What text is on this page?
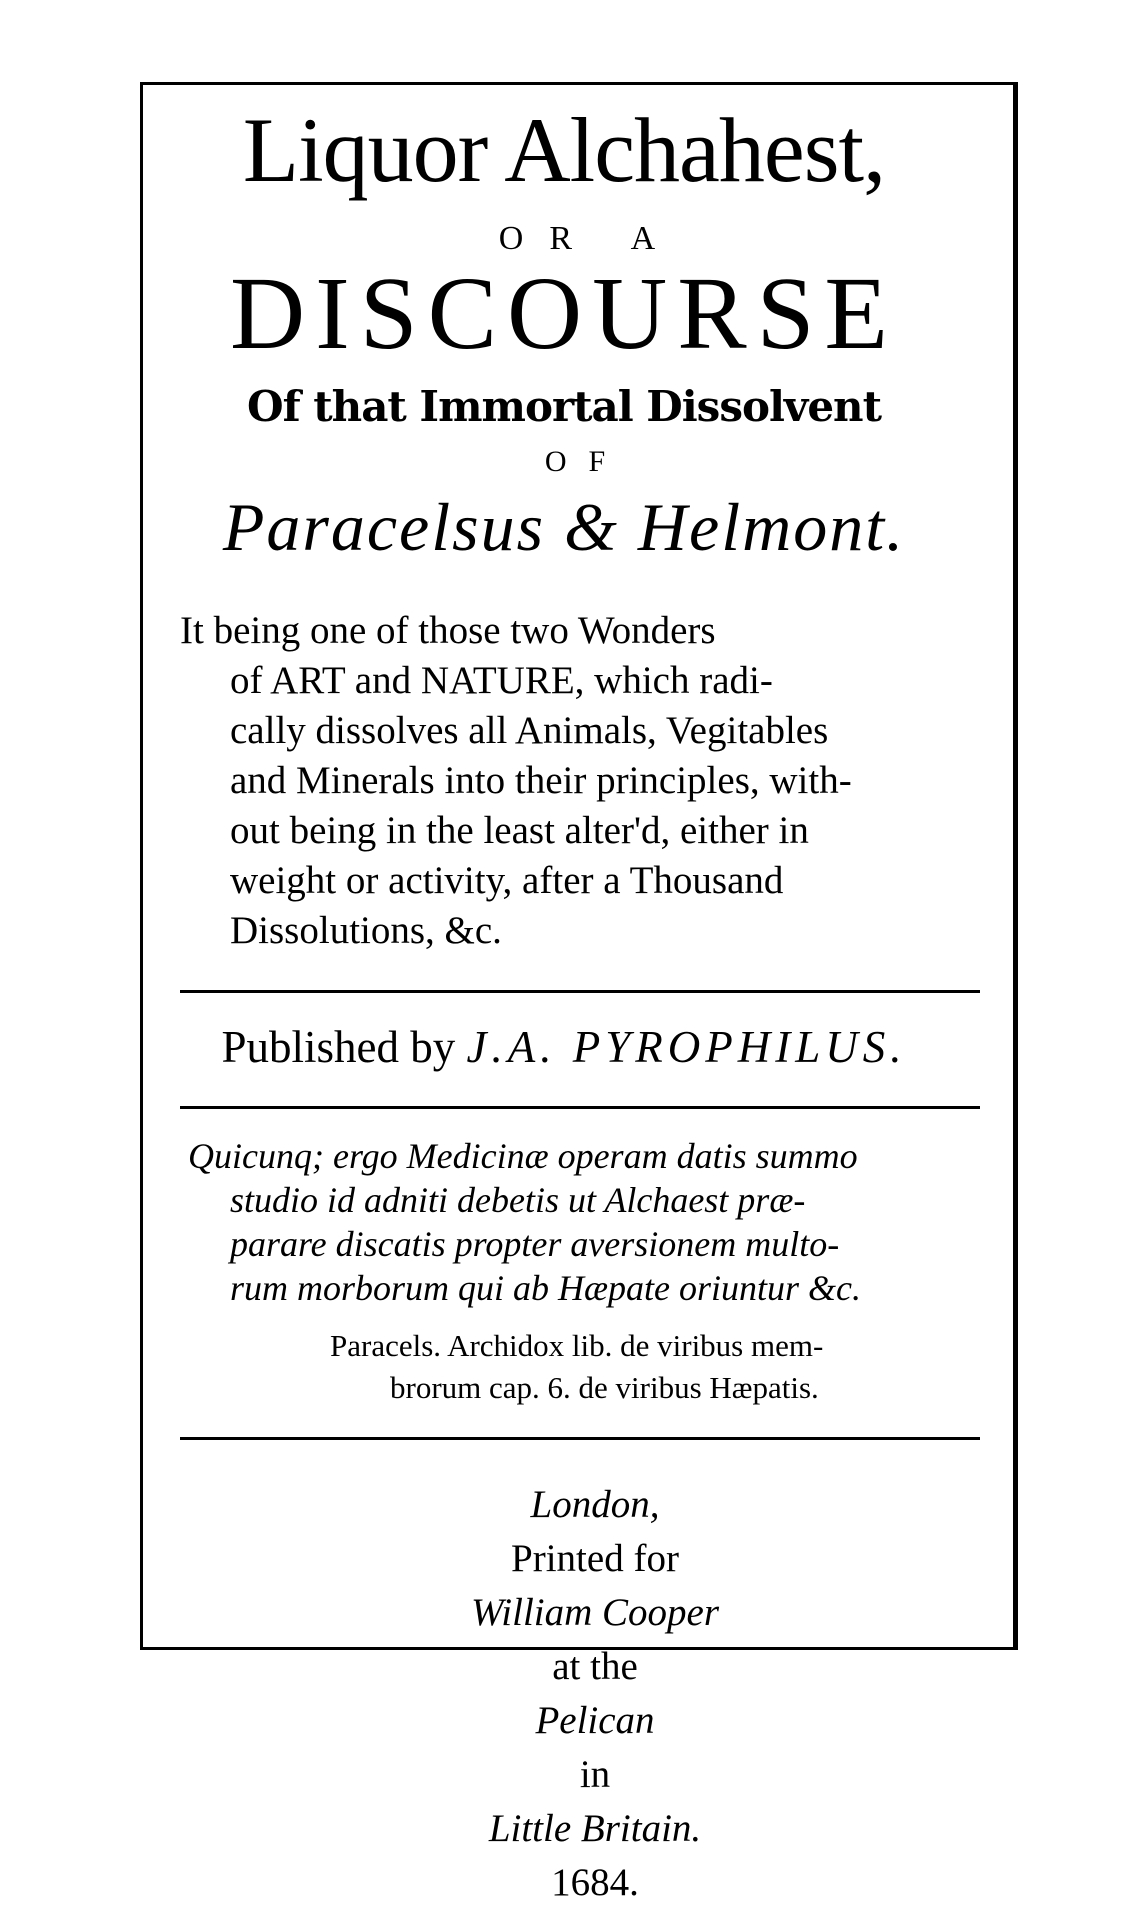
Liquor Alchahest,
OR A
DISCOURSE
Of that Immortal Dissolvent
OF
Paracelsus & Helmont.
It being one of those two Wonders
of ART and NATURE, which radi-
cally dissolves all Animals, Vegitables
and Minerals into their principles, with-
out being in the least alter'd, either in
weight or activity, after a Thousand
Dissolutions, &c.
Published by J.A. PYROPHILUS.
Quicunq; ergo Medicinæ operam datis summo
studio id adniti debetis ut Alchaest præ-
parare discatis propter aversionem multo-
rum morborum qui ab Hæpate oriuntur &c.
Paracels. Archidox lib. de viribus mem-
brorum cap. 6. de viribus Hæpatis.
London,
Printed for
William Cooper
at the
Pelican
in
Little Britain.
1684.
